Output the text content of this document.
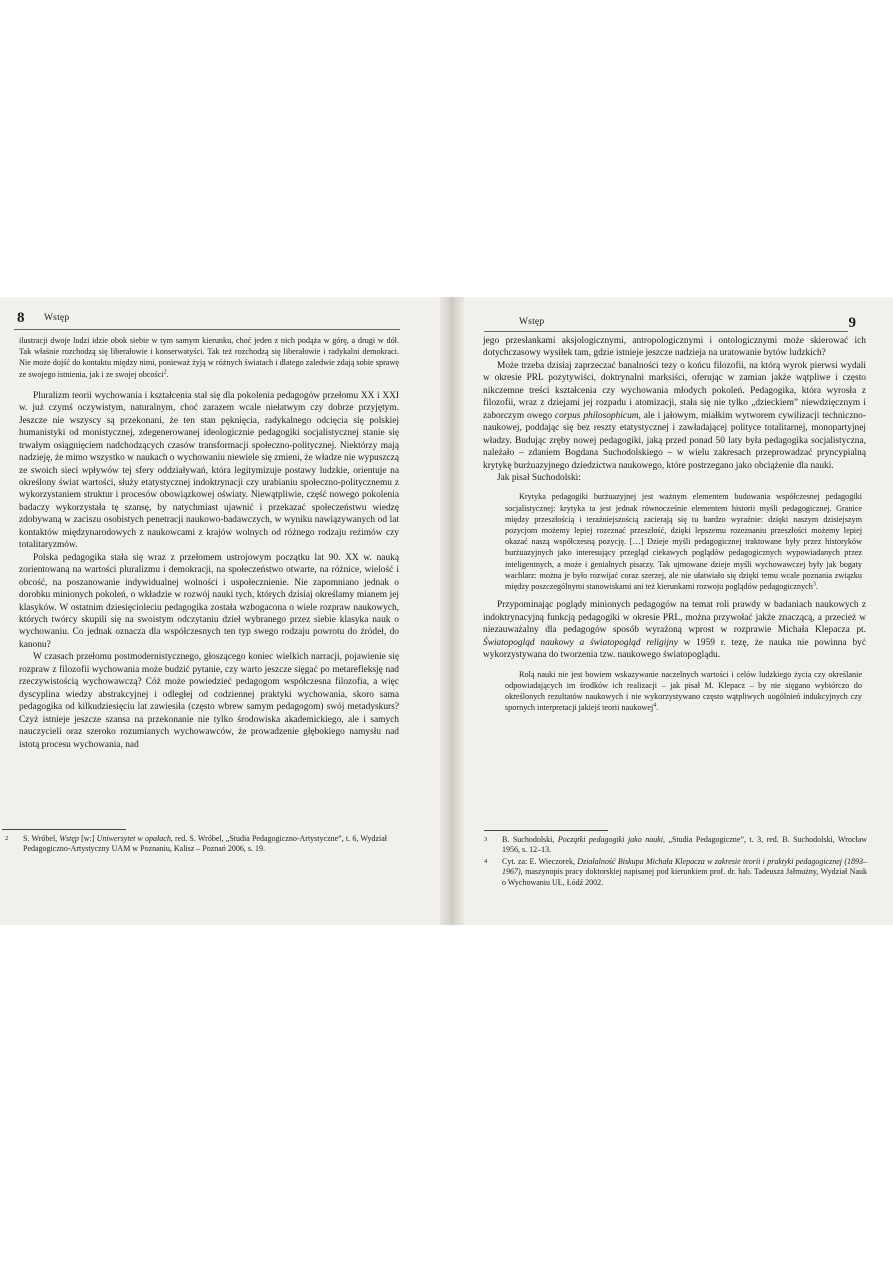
8 Wstęp

ilustracji dwoje ludzi idzie obok siebie w tym samym kierunku, choć jeden z nich podąża w górę, a drugi w dół. Tak właśnie rozchodzą się liberałowie i konserwatyści. Tak też rozchodzą się liberałowie i radykalni demokraci. Nie może dojść do kontaktu między nimi, ponieważ żyją w różnych światach i dlatego zaledwie zdają sobie sprawę ze swojego istnienia, jak i ze swojej obcości$^2$.

Pluralizm teorii wychowania i kształcenia stał się dla pokolenia pedagogów przełomu XX i XXI w. już czymś oczywistym, naturalnym, choć zarazem wcale niełatwym czy dobrze przyjętym. Jeszcze nie wszyscy są przekonani, że ten stan pęknięcia, radykalnego odcięcia się polskiej humanistyki od monistycznej, zdegenerowanej ideologicznie pedagogiki socjalistycznej stanie się trwałym osiągnięciem nadchodzących czasów transformacji społeczno-politycznej. Niektórzy mają nadzieję, że mimo wszystko w naukach o wychowaniu niewiele się zmieni, że władze nie wypuszczą ze swoich sieci wpływów tej sfery oddziaływań, która legitymizuje postawy ludzkie, orientuje na określony świat wartości, służy etatystycznej indoktrynacji czy urabianiu społeczno-politycznemu z wykorzystaniem struktur i procesów obowiązkowej oświaty. Niewątpliwie, część nowego pokolenia badaczy wykorzystała tę szansę, by natychmiast ujawnić i przekazać społeczeństwu wiedzę zdobywaną w zaciszu osobistych penetracji naukowo-badawczych, w wyniku nawiązywanych od lat kontaktów międzynarodowych z naukowcami z krajów wolnych od różnego rodzaju reżimów czy totalitaryzmów.

Polska pedagogika stała się wraz z przełomem ustrojowym początku lat 90. XX w. nauką zorientowaną na wartości pluralizmu i demokracji, na społeczeństwo otwarte, na różnice, wielość i obcość, na poszanowanie indywidualnej wolności i uspołecznienie. Nie zapomniano jednak o dorobku minionych pokoleń, o wkładzie w rozwój nauki tych, których dzisiaj określamy mianem jej klasyków. W ostatnim dziesięcioleciu pedagogika została wzbogacona o wiele rozpraw naukowych, których twórcy skupili się na swoistym odczytaniu dzieł wybranego przez siebie klasyka nauk o wychowaniu. Co jednak oznacza dla współczesnych ten typ swego rodzaju powrotu do źródeł, do kanonu?

W czasach przełomu postmodernistycznego, głoszącego koniec wielkich narracji, pojawienie się rozpraw z filozofii wychowania może budzić pytanie, czy warto jeszcze sięgać po metarefleksję nad rzeczywistością wychowawczą? Cóż może powiedzieć pedagogom współczesna filozofia, a więc dyscyplina wiedzy abstrakcyjnej i odległej od codziennej praktyki wychowania, skoro sama pedagogika od kilkudziesięciu lat zawiesiła (często wbrew samym pedagogom) swój metadyskurs? Czyż istnieje jeszcze szansa na przekonanie nie tylko środowiska akademickiego, ale i samych nauczycieli oraz szeroko rozumianych wychowawców, że prowadzenie głębokiego namysłu nad istotą procesu wychowania, nad

2 S. Wróbel, Wstęp [w:] Uniwersytet w opałach, red. S. Wróbel, „Studia Pedagogiczno-Artystyczne”, t. 6, Wydział Pedagogiczno-Artystyczny UAM w Poznaniu, Kalisz – Poznań 2006, s. 19.
Wstęp	9

jego przesłankami aksjologicznymi, antropologicznymi i ontologicznymi może skierować ich dotychczasowy wysiłek tam, gdzie istnieje jeszcze nadzieja na uratowanie bytów ludzkich?

Może trzeba dzisiaj zaprzeczać banalności tezy o końcu filozofii, na którą wyrok pierwsi wydali w okresie PRL pozytywiści, doktrynalni marksiści, oferując w zamian jakże wątpliwe i często nikczemne treści kształcenia czy wychowania młodych pokoleń. Pedagogika, która wyrosła z filozofii, wraz z dziejami jej rozpadu i atomizacji, stała się nie tylko „dzieckiem” niewdzięcznym i zaborczym owego corpus philosophicum, ale i jałowym, miałkim wytworem cywilizacji techniczno-naukowej, poddając się bez reszty etatystycznej i zawładającej polityce totalitarnej, monopartyjnej władzy. Budując zręby nowej pedagogiki, jaką przed ponad 50 laty była pedagogika socjalistyczna, należało – zdaniem Bogdana Suchodolskiego – w wielu zakresach przeprowadzać pryncypialną krytykę burżuazyjnego dziedzictwa naukowego, które postrzegano jako obciążenie dla nauki.

Jak pisał Suchodolski:

Krytyka pedagogiki burżuazyjnej jest ważnym elementem budowania współczesnej pedagogiki socjalistycznej: krytyka ta jest jednak równocześnie elementem historii myśli pedagogicznej. Granice między przeszłością i teraźniejszością zacierają się tu bardzo wyraźnie: dzięki naszym dzisiejszym pozycjom możemy lepiej rozeznać przeszłość, dzięki lepszemu rozeznaniu przeszłości możemy lepiej okazać naszą współczesną pozycję. […] Dzieje myśli pedagogicznej traktowane były przez historyków burżuazyjnych jako interesujący przegląd ciekawych poglądów pedagogicznych wypowiadanych przez inteligentnych, a może i genialnych pisarzy. Tak ujmowane dzieje myśli wychowawczej były jak bogaty wachlarz: można je było rozwijać coraz szerzej, ale nie ułatwiało się dzięki temu wcale poznania związku między poszczególnymi stanowiskami ani też kierunkami rozwoju poglądów pedagogicznych$^3$.

Przypominając poglądy minionych pedagogów na temat roli prawdy w badaniach naukowych z indoktrynacyjną funkcją pedagogiki w okresie PRL, można przywołać jakże znaczącą, a przecież w niezauważalny dla pedagogów sposób wyrażoną wprost w rozprawie Michała Klepacza pt. Światopogląd naukowy a światopogląd religijny w 1959 r. tezę, że nauka nie powinna być wykorzystywana do tworzenia tzw. naukowego światopoglądu.

Rolą nauki nie jest bowiem wskazywanie naczelnych wartości i celów ludzkiego życia czy określanie odpowiadających im środków ich realizacji – jak pisał M. Klepacz – by nie sięgano wybiórczo do określonych rezultatów naukowych i nie wykorzystywano często wątpliwych uogólnień indukcyjnych czy spornych interpretacji jakiejś teorii naukowej$^4$.

3 B. Suchodolski, Początki pedagogiki jako nauki, „Studia Pedagogiczne”, t. 3, red. B. Suchodolski, Wrocław 1956, s. 12–13.
4 Cyt. za: E. Wieczorek, Działalność Biskupa Michała Klepacza w zakresie teorii i praktyki pedagogicznej (1893–1967), maszynopis pracy doktorskiej napisanej pod kierunkiem prof. dr. hab. Tadeusza Jałmużny, Wydział Nauk o Wychowaniu UŁ, Łódź 2002.
